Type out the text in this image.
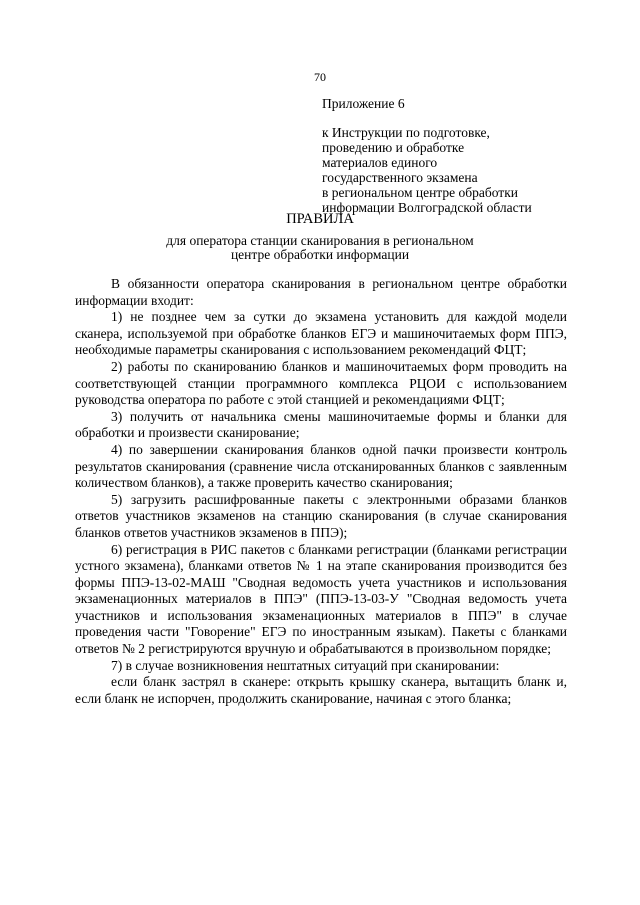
70
Приложение 6
к Инструкции по подготовке,
проведению и обработке
материалов единого
государственного экзамена
в региональном центре обработки
информации Волгоградской области
ПРАВИЛА
для оператора станции сканирования в региональном центре обработки информации

В обязанности оператора сканирования в региональном центре обработки информации входит:

1) не позднее чем за сутки до экзамена установить для каждой модели сканера, используемой при обработке бланков ЕГЭ и машиночитаемых форм ППЭ, необходимые параметры сканирования с использованием рекомендаций ФЦТ;

2) работы по сканированию бланков и машиночитаемых форм проводить на соответствующей станции программного комплекса РЦОИ с использованием руководства оператора по работе с этой станцией и рекомендациями ФЦТ;

3) получить от начальника смены машиночитаемые формы и бланки для обработки и произвести сканирование;

4) по завершении сканирования бланков одной пачки произвести контроль результатов сканирования (сравнение числа отсканированных бланков с заявленным количеством бланков), а также проверить качество сканирования;

5) загрузить расшифрованные пакеты с электронными образами бланков ответов участников экзаменов на станцию сканирования (в случае сканирования бланков ответов участников экзаменов в ППЭ);

6) регистрация в РИС пакетов с бланками регистрации (бланками регистрации устного экзамена), бланками ответов № 1 на этапе сканирования производится без формы ППЭ-13-02-МАШ "Сводная ведомость учета участников и использования экзаменационных материалов в ППЭ" (ППЭ-13-03-У "Сводная ведомость учета участников и использования экзаменационных материалов в ППЭ" в случае проведения части "Говорение" ЕГЭ по иностранным языкам). Пакеты с бланками ответов № 2 регистрируются вручную и обрабатываются в произвольном порядке;

7) в случае возникновения нештатных ситуаций при сканировании:

если бланк застрял в сканере: открыть крышку сканера, вытащить бланк и, если бланк не испорчен, продолжить сканирование, начиная с этого бланка;
